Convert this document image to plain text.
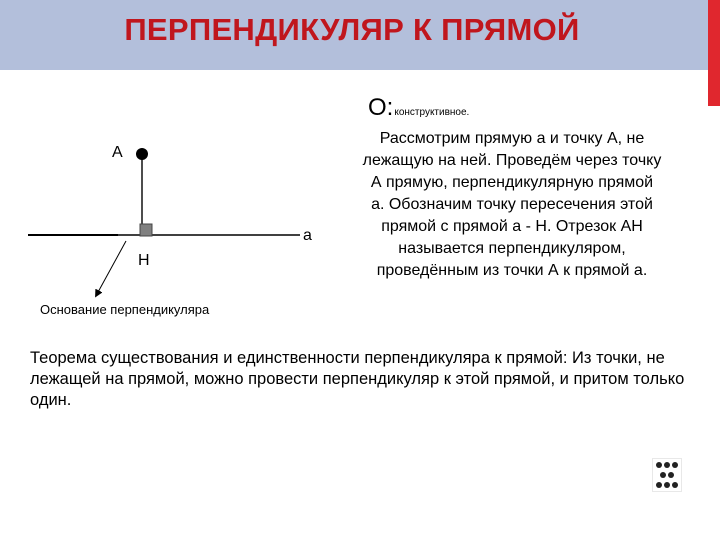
ПЕРПЕНДИКУЛЯР К ПРЯМОЙ
О:конструктивное.
Рассмотрим прямую а и точку А, не лежащую на ней. Проведём через точку А прямую, перпендикулярную прямой а. Обозначим точку пересечения этой прямой с прямой а - Н. Отрезок АН называется перпендикуляром, проведённым из точки А к прямой а.
А
Н
а
Основание перпендикуляра
Теорема существования и единственности перпендикуляра к прямой: Из точки, не лежащей на прямой, можно провести перпендикуляр к этой прямой, и притом только один.
